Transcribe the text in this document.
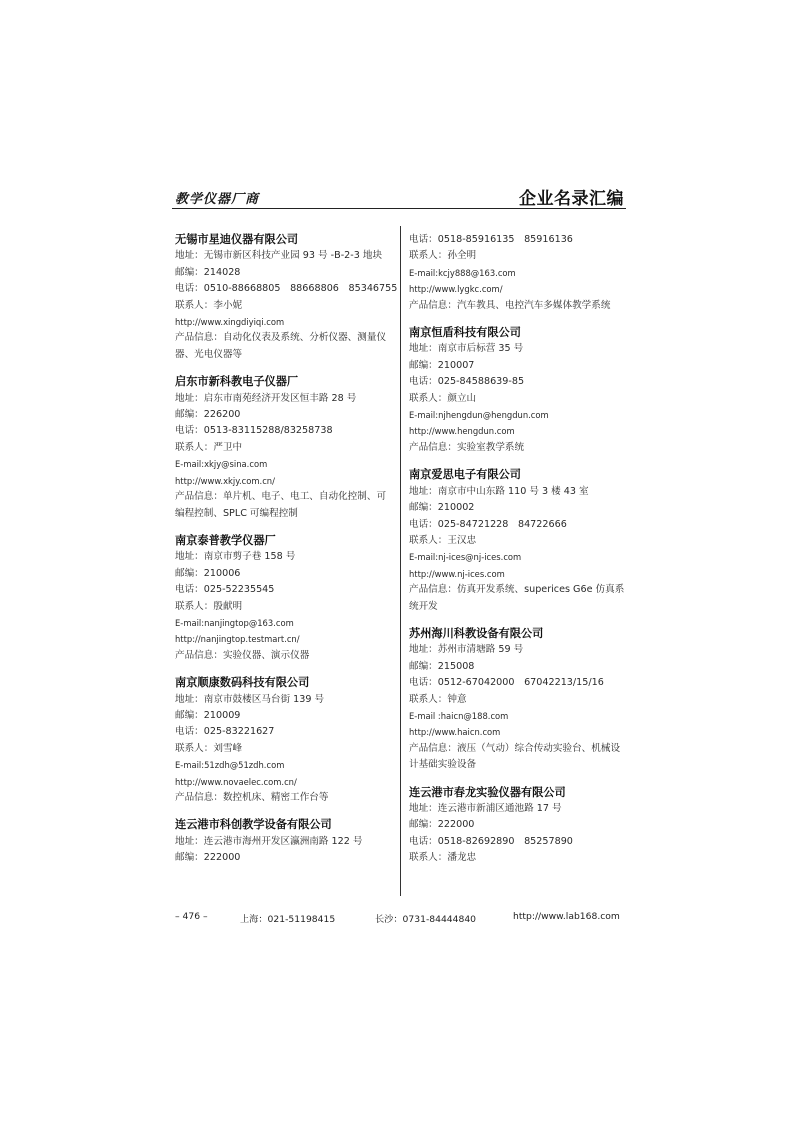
教学仪器厂商	企业名录汇编
无锡市星迪仪器有限公司
地址：无锡市新区科技产业园 93 号 -B-2-3 地块
邮编：214028
电话：0510-88668805　88668806　85346755
联系人：李小妮
http://www.xingdiyiqi.com
产品信息：自动化仪表及系统、分析仪器、测量仪器、光电仪器等
启东市新科教电子仪器厂
地址：启东市南苑经济开发区恒丰路 28 号
邮编：226200
电话：0513-83115288/83258738
联系人：严卫中
E-mail:xkjy@sina.com
http://www.xkjy.com.cn/
产品信息：单片机、电子、电工、自动化控制、可编程控制、SPLC 可编程控制
南京泰普教学仪器厂
地址：南京市剪子巷 158 号
邮编：210006
电话：025-52235545
联系人：殷献明
E-mail:nanjingtop@163.com
http://nanjingtop.testmart.cn/
产品信息：实验仪器、演示仪器
南京顺康数码科技有限公司
地址：南京市鼓楼区马台街 139 号
邮编：210009
电话：025-83221627
联系人：刘雪峰
E-mail:51zdh@51zdh.com
http://www.novaelec.com.cn/
产品信息：数控机床、精密工作台等
连云港市科创教学设备有限公司
地址：连云港市海州开发区瀛洲南路 122 号
邮编：222000
电话：0518-85916135　85916136
联系人：孙全明
E-mail:kcjy888@163.com
http://www.lygkc.com/
产品信息：汽车教具、电控汽车多媒体教学系统
南京恒盾科技有限公司
地址：南京市后标营 35 号
邮编：210007
电话：025-84588639-85
联系人：颜立山
E-mail:njhengdun@hengdun.com
http://www.hengdun.com
产品信息：实验室教学系统
南京爱思电子有限公司
地址：南京市中山东路 110 号 3 楼 43 室
邮编：210002
电话：025-84721228　84722666
联系人：王汉忠
E-mail:nj-ices@nj-ices.com
http://www.nj-ices.com
产品信息：仿真开发系统、superices G6e 仿真系统开发
苏州海川科教设备有限公司
地址：苏州市清塘路 59 号
邮编：215008
电话：0512-67042000　67042213/15/16
联系人：钟意
E-mail :haicn@188.com
http://www.haicn.com
产品信息：液压（气动）综合传动实验台、机械设计基础实验设备
连云港市春龙实验仪器有限公司
地址：连云港市新浦区通池路 17 号
邮编：222000
电话：0518-82692890　85257890
联系人：潘龙忠
– 476 –	上海：021-51198415	长沙：0731-84444840	http://www.lab168.com
